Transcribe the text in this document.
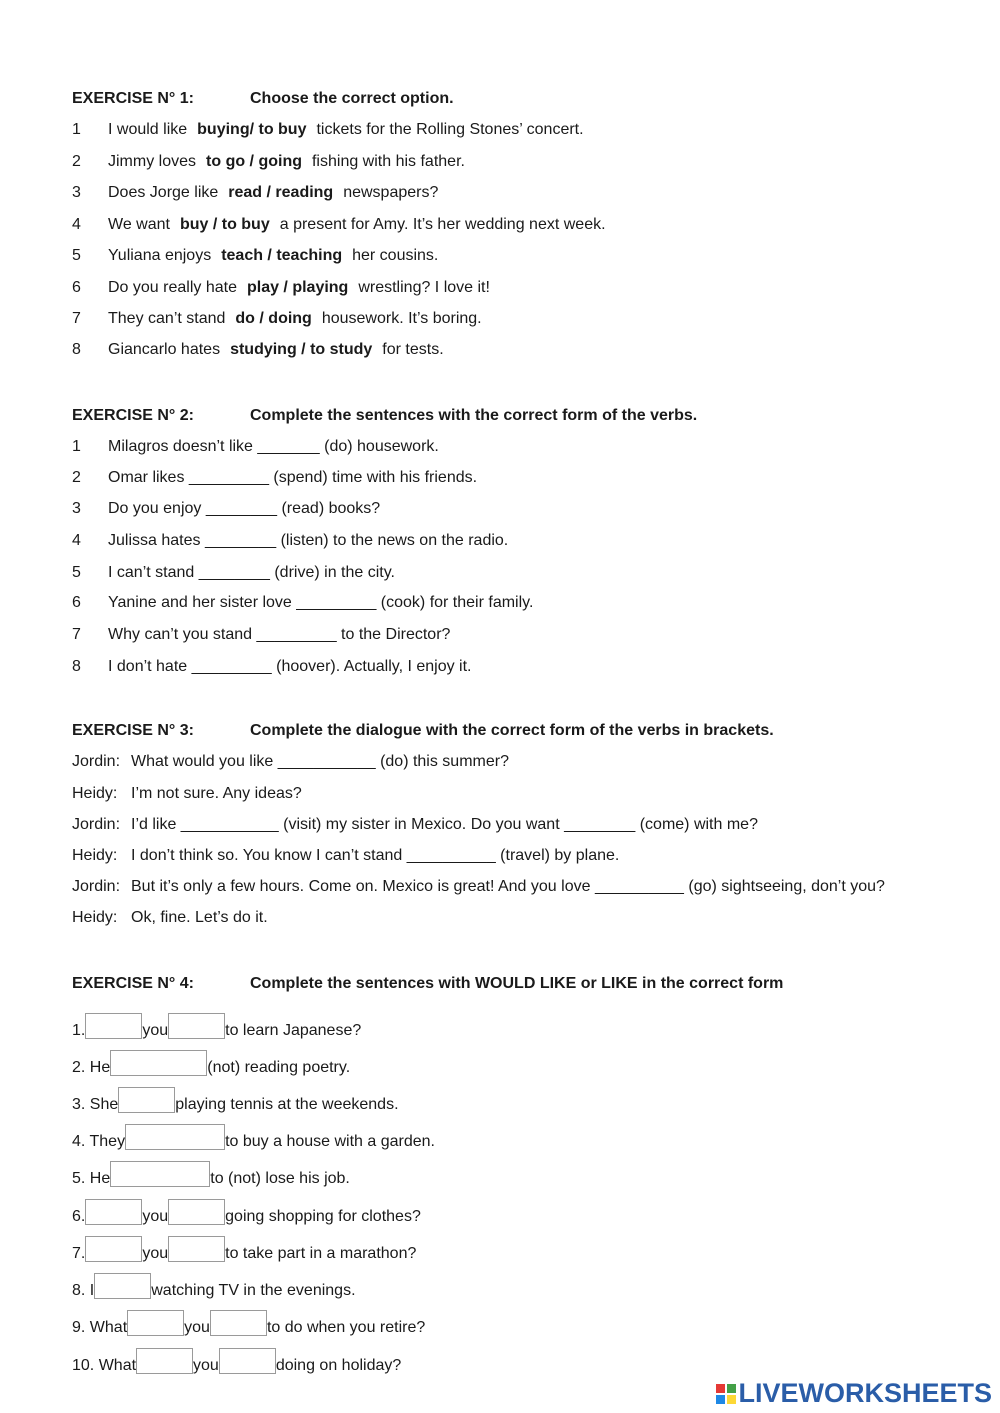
EXERCISE N° 1:	Choose the correct option.
1 I would like buying/ to buy tickets for the Rolling Stones’ concert.
2 Jimmy loves to go / going fishing with his father.
3 Does Jorge like read / reading newspapers?
4 We want buy / to buy a present for Amy. It’s her wedding next week.
5 Yuliana enjoys teach / teaching her cousins.
6 Do you really hate play / playing wrestling? I love it!
7 They can’t stand do / doing housework. It’s boring.
8 Giancarlo hates studying / to study for tests.
EXERCISE N° 2:	Complete the sentences with the correct form of the verbs.
1 Milagros doesn’t like _______ (do) housework.
2 Omar likes _________ (spend) time with his friends.
3 Do you enjoy ________ (read) books?
4 Julissa hates ________ (listen) to the news on the radio.
5 I can’t stand ________ (drive) in the city.
6 Yanine and her sister love _________ (cook) for their family.
7 Why can’t you stand _________ to the Director?
8 I don’t hate _________ (hoover). Actually, I enjoy it.
EXERCISE N° 3:	Complete the dialogue with the correct form of the verbs in brackets.
Jordin: What would you like ___________ (do) this summer?
Heidy: I’m not sure. Any ideas?
Jordin: I’d like ___________ (visit) my sister in Mexico. Do you want ________ (come) with me?
Heidy: I don’t think so. You know I can’t stand __________ (travel) by plane.
Jordin: But it’s only a few hours. Come on. Mexico is great! And you love __________ (go) sightseeing, don’t you?
Heidy: Ok, fine. Let’s do it.
EXERCISE N° 4:	Complete the sentences with WOULD LIKE or LIKE in the correct form
1.	you	to learn Japanese?
2. He	(not) reading poetry.
3. She	playing tennis at the weekends.
4. They	to buy a house with a garden.
5. He	to (not) lose his job.
6.	you	going shopping for clothes?
7.	you	to take part in a marathon?
8. I	watching TV in the evenings.
9. What	you	to do when you retire?
10. What	you	doing on holiday?
LIVEWORKSHEETS
